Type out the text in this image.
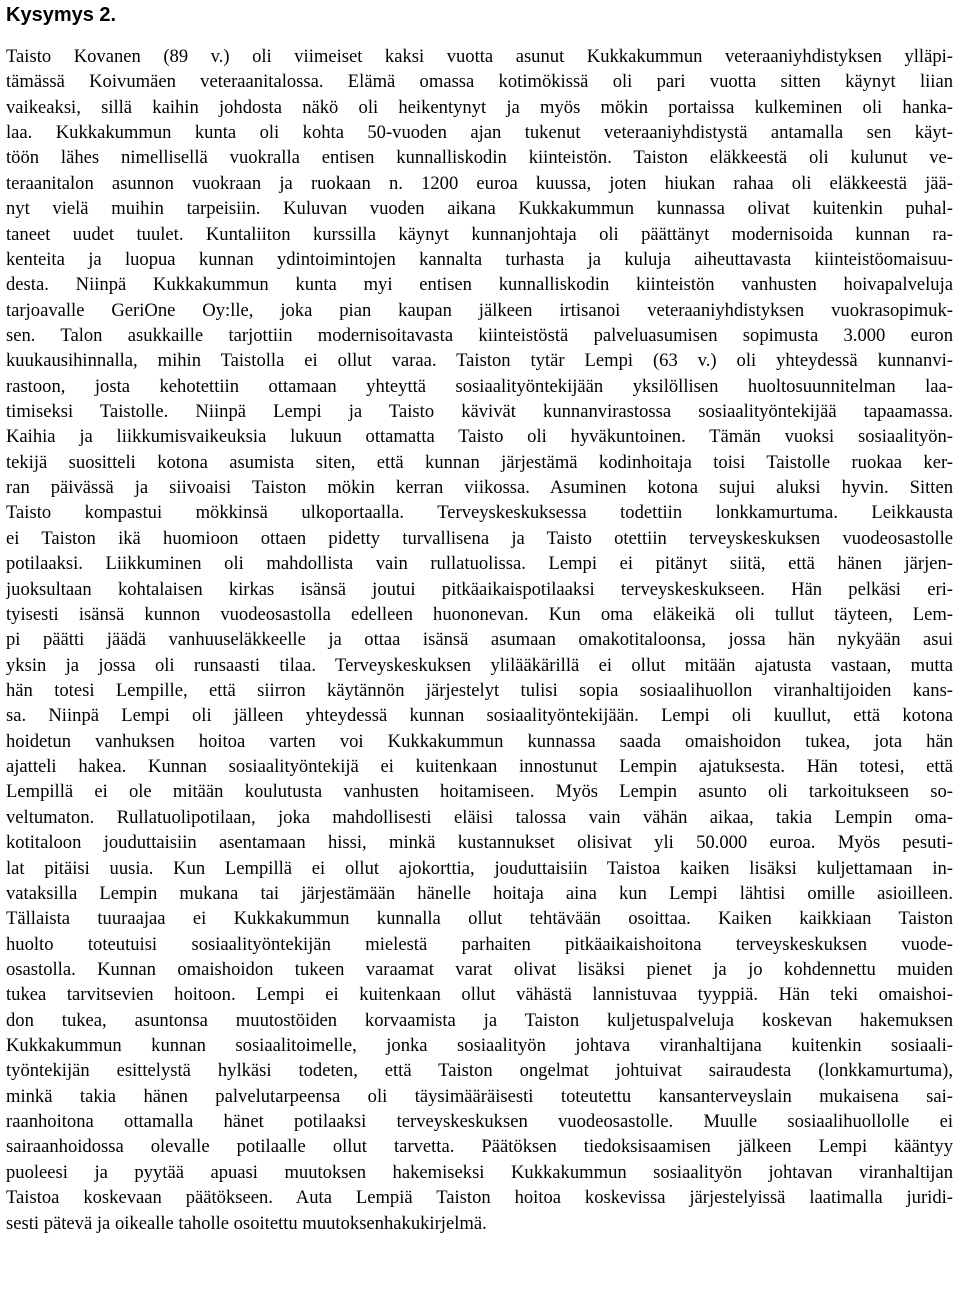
Kysymys 2.
Taisto Kovanen (89 v.) oli viimeiset kaksi vuotta asunut Kukkakummun veteraaniyhdistyksen ylläpi-
tämässä Koivumäen veteraanitalossa. Elämä omassa kotimökissä oli pari vuotta sitten käynyt liian
vaikeaksi, sillä kaihin johdosta näkö oli heikentynyt ja myös mökin portaissa kulkeminen oli hanka-
laa. Kukkakummun kunta oli kohta 50-vuoden ajan tukenut veteraaniyhdistystä antamalla sen käyt-
töön lähes nimellisellä vuokralla entisen kunnalliskodin kiinteistön. Taiston eläkkeestä oli kulunut ve-
teraanitalon asunnon vuokraan ja ruokaan n. 1200 euroa kuussa, joten hiukan rahaa oli eläkkeestä jää-
nyt vielä muihin tarpeisiin. Kuluvan vuoden aikana Kukkakummun kunnassa olivat kuitenkin puhal-
taneet uudet tuulet. Kuntaliiton kurssilla käynyt kunnanjohtaja oli päättänyt modernisoida kunnan ra-
kenteita ja luopua kunnan ydintoimintojen kannalta turhasta ja kuluja aiheuttavasta kiinteistöomaisuu-
desta. Niinpä Kukkakummun kunta myi entisen kunnalliskodin kiinteistön vanhusten hoivapalveluja
tarjoavalle GeriOne Oy:lle, joka pian kaupan jälkeen irtisanoi veteraaniyhdistyksen vuokrasopimuk-
sen. Talon asukkaille tarjottiin modernisoitavasta kiinteistöstä palveluasumisen sopimusta 3.000 euron
kuukausihinnalla, mihin Taistolla ei ollut varaa. Taiston tytär Lempi (63 v.) oli yhteydessä kunnanvi-
rastoon, josta kehotettiin ottamaan yhteyttä sosiaalityöntekijään yksilöllisen huoltosuunnitelman laa-
timiseksi Taistolle. Niinpä Lempi ja Taisto kävivät kunnanvirastossa sosiaalityöntekijää tapaamassa.
Kaihia ja liikkumisvaikeuksia lukuun ottamatta Taisto oli hyväkuntoinen. Tämän vuoksi sosiaalityön-
tekijä suositteli kotona asumista siten, että kunnan järjestämä kodinhoitaja toisi Taistolle ruokaa ker-
ran päivässä ja siivoaisi Taiston mökin kerran viikossa. Asuminen kotona sujui aluksi hyvin. Sitten
Taisto kompastui mökkinsä ulkoportaalla. Terveyskeskuksessa todettiin lonkkamurtuma. Leikkausta
ei Taiston ikä huomioon ottaen pidetty turvallisena ja Taisto otettiin terveyskeskuksen vuodeosastolle
potilaaksi. Liikkuminen oli mahdollista vain rullatuolissa. Lempi ei pitänyt siitä, että hänen järjen-
juoksultaan kohtalaisen kirkas isänsä joutui pitkäaikaispotilaaksi terveyskeskukseen. Hän pelkäsi eri-
tyisesti isänsä kunnon vuodeosastolla edelleen huononevan. Kun oma eläkeikä oli tullut täyteen, Lem-
pi päätti jäädä vanhuuseläkkeelle ja ottaa isänsä asumaan omakotitaloonsa, jossa hän nykyään asui
yksin ja jossa oli runsaasti tilaa. Terveyskeskuksen ylilääkärillä ei ollut mitään ajatusta vastaan, mutta
hän totesi Lempille, että siirron käytännön järjestelyt tulisi sopia sosiaalihuollon viranhaltijoiden kans-
sa. Niinpä Lempi oli jälleen yhteydessä kunnan sosiaalityöntekijään. Lempi oli kuullut, että kotona
hoidetun vanhuksen hoitoa varten voi Kukkakummun kunnassa saada omaishoidon tukea, jota hän
ajatteli hakea. Kunnan sosiaalityöntekijä ei kuitenkaan innostunut Lempin ajatuksesta. Hän totesi, että
Lempillä ei ole mitään koulutusta vanhusten hoitamiseen. Myös Lempin asunto oli tarkoitukseen so-
veltumaton. Rullatuolipotilaan, joka mahdollisesti eläisi talossa vain vähän aikaa, takia Lempin oma-
kotitaloon jouduttaisiin asentamaan hissi, minkä kustannukset olisivat yli 50.000 euroa. Myös pesuti-
lat pitäisi uusia. Kun Lempillä ei ollut ajokorttia, jouduttaisiin Taistoa kaiken lisäksi kuljettamaan in-
vataksilla Lempin mukana tai järjestämään hänelle hoitaja aina kun Lempi lähtisi omille asioilleen.
Tällaista tuuraajaa ei Kukkakummun kunnalla ollut tehtävään osoittaa. Kaiken kaikkiaan Taiston
huolto toteutuisi sosiaalityöntekijän mielestä parhaiten pitkäaikaishoitona terveyskeskuksen vuode-
osastolla. Kunnan omaishoidon tukeen varaamat varat olivat lisäksi pienet ja jo kohdennettu muiden
tukea tarvitsevien hoitoon. Lempi ei kuitenkaan ollut vähästä lannistuvaa tyyppiä. Hän teki omaishoi-
don tukea, asuntonsa muutostöiden korvaamista ja Taiston kuljetuspalveluja koskevan hakemuksen
Kukkakummun kunnan sosiaalitoimelle, jonka sosiaalityön johtava viranhaltijana kuitenkin sosiaali-
työntekijän esittelystä hylkäsi todeten, että Taiston ongelmat johtuivat sairaudesta (lonkkamurtuma),
minkä takia hänen palvelutarpeensa oli täysimääräisesti toteutettu kansanterveyslain mukaisena sai-
raanhoitona ottamalla hänet potilaaksi terveyskeskuksen vuodeosastolle. Muulle sosiaalihuollolle ei
sairaanhoidossa olevalle potilaalle ollut tarvetta. Päätöksen tiedoksisaamisen jälkeen Lempi kääntyy
puoleesi ja pyytää apuasi muutoksen hakemiseksi Kukkakummun sosiaalityön johtavan viranhaltijan
Taistoa koskevaan päätökseen. Auta Lempiä Taiston hoitoa koskevissa järjestelyissä laatimalla juridi-
sesti pätevä ja oikealle taholle osoitettu muutoksenhakukirjelmä.
